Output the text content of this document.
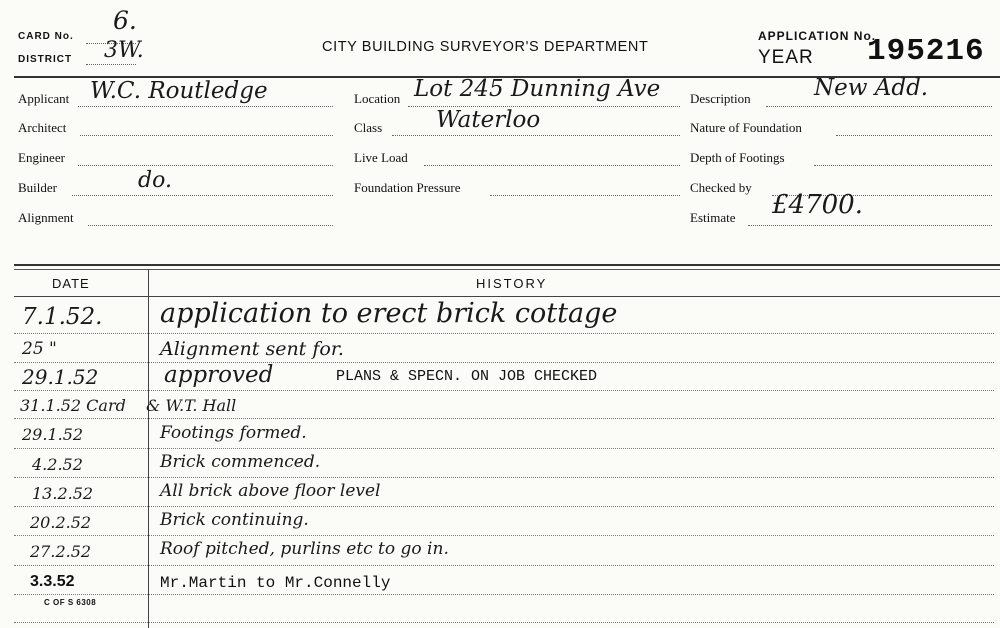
CARD No.
6.
DISTRICT 3W.	CITY BUILDING SURVEYOR'S DEPARTMENT
APPLICATION No.
YEAR 195216
Applicant W.C. Routledge
Architect
Engineer
Builder	do.
Alignment
Location Lot 245 Dunning Ave
Class Waterloo
Live Load
Foundation Pressure
Description	New Add.
Nature of Foundation
Depth of Footings
Checked by
Estimate £4700.
DATE	HISTORY
7.1.52. application to erect brick cottage
25 "	Alignment sent for.
29.1.52	approved	PLANS & SPECN. ON JOB CHECKED
31.1.52 Card & W.T. Hall
29.1.52	Footings formed.
4.2.52	Brick commenced.
13.2.52	All brick above floor level
20.2.52	Brick continuing.
27.2.52	Roof pitched, purlins etc to go in.
3.3.52	Mr.Martin to Mr.Connelly
C OF S 6308
